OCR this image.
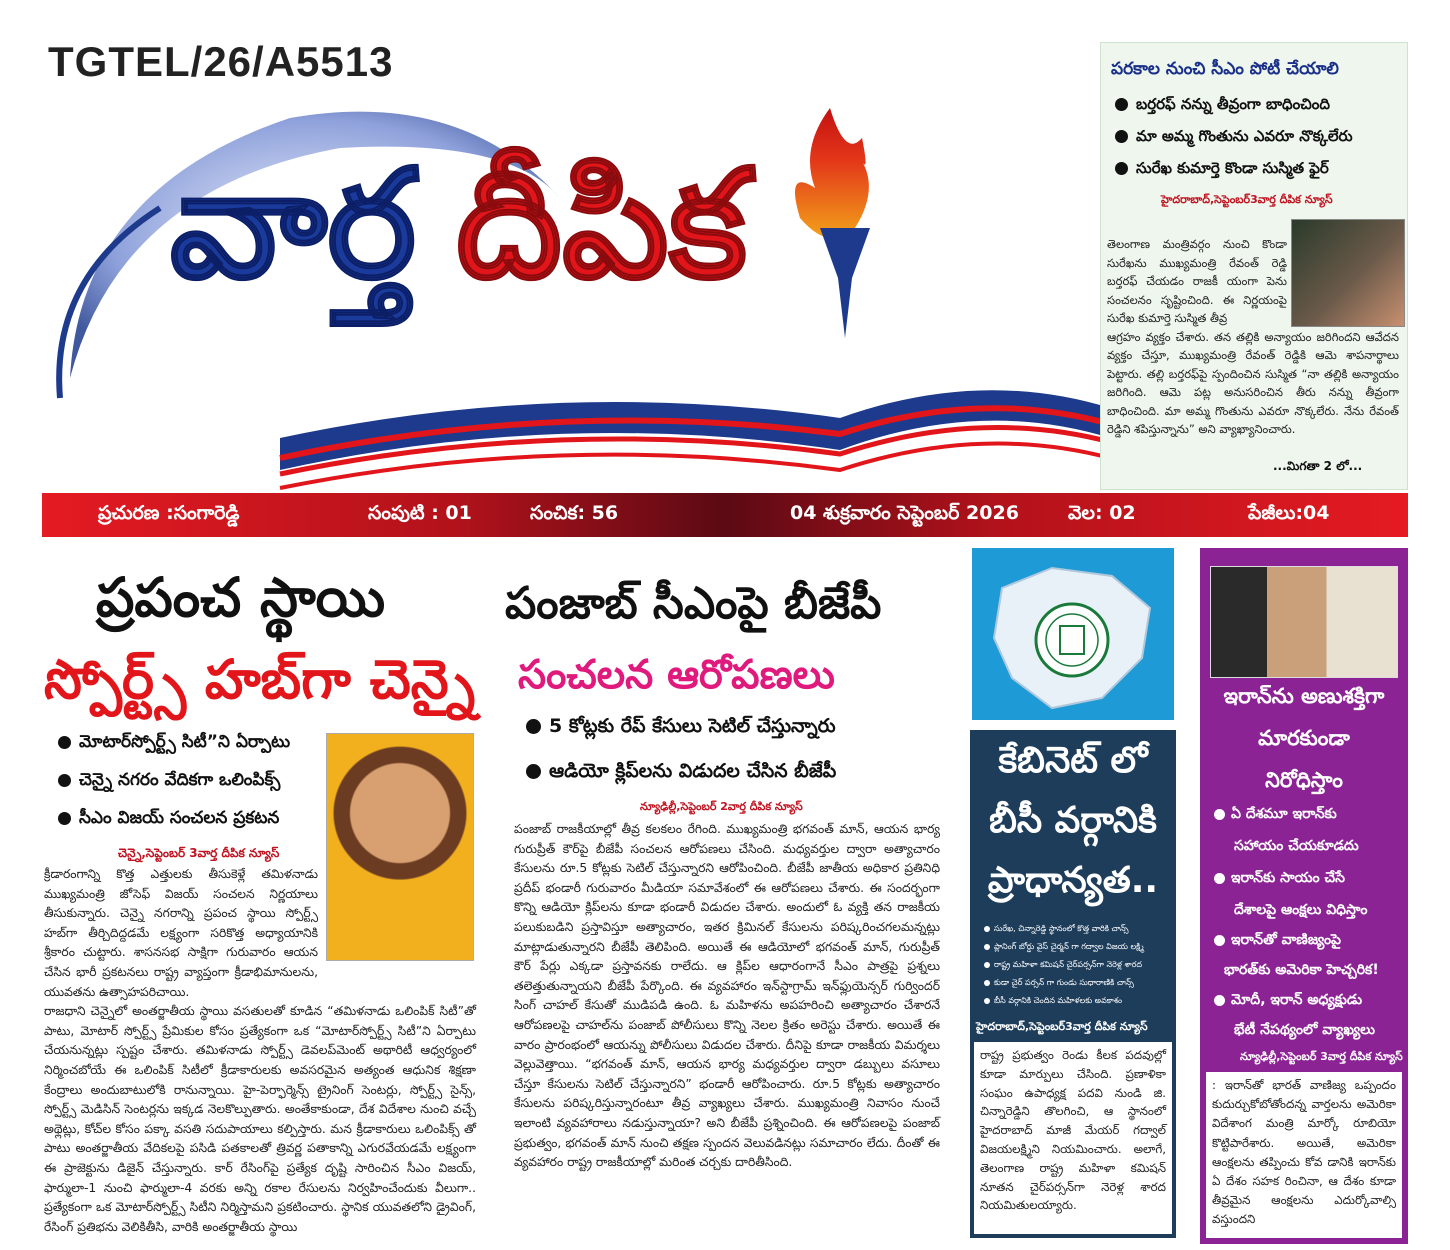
TGTEL/26/A5513
వార్త దీపిక
పరకాల నుంచి సీఎం పోటీ చేయాలి
బర్తరఫ్ నన్ను తీవ్రంగా బాధించింది
మా అమ్మ గొంతును ఎవరూ నొక్కలేరు
సురేఖ కుమార్తె కొండా సుస్మిత ఫైర్
హైదరాబాద్,సెప్టెంబర్3వార్త దీపిక న్యూస్
తెలంగాణ మంత్రివర్గం నుంచి కొండా సురేఖను ముఖ్యమంత్రి రేవంత్ రెడ్డి బర్తరఫ్ చేయడం రాజకీ యంగా పెను సంచలనం సృష్టించింది. ఈ నిర్ణయంపై సురేఖ కుమార్తె సుస్మిత తీవ్ర
ఆగ్రహం వ్యక్తం చేశారు. తన తల్లికి అన్యాయం జరిగిందని ఆవేదన వ్యక్తం చేస్తూ, ముఖ్యమంత్రి రేవంత్ రెడ్డికి ఆమె శాపనార్థాలు పెట్టారు. తల్లి బర్తరఫ్‌పై స్పందించిన సుస్మిత “నా తల్లికి అన్యాయం జరిగింది. ఆమె పట్ల అనుసరించిన తీరు నన్ను తీవ్రంగా బాధించింది. మా అమ్మ గొంతును ఎవరూ నొక్కలేరు. నేను రేవంత్ రెడ్డిని శపిస్తున్నాను” అని వ్యాఖ్యానించారు.
...మిగతా 2 లో...
ప్రచురణ :సంగారెడ్డి	సంపుటి : 01	సంచిక: 56	04 శుక్రవారం సెప్టెంబర్ 2026	వెల: 02	పేజీలు:04
ప్రపంచ స్థాయి
స్పోర్ట్స్ హబ్‌గా చెన్నై
మోటార్‌స్పోర్ట్స్ సిటీ”ని ఏర్పాటు
చెన్నై నగరం వేదికగా ఒలింపిక్స్
సీఎం విజయ్ సంచలన ప్రకటన
చెన్నై,సెప్టెంబర్ 3వార్త దీపిక న్యూస్
క్రీడారంగాన్ని కొత్త ఎత్తులకు తీసుకెళ్లే తమిళనాడు ముఖ్యమంత్రి జోసెఫ్ విజయ్ సంచలన నిర్ణయాలు తీసుకున్నారు. చెన్నై నగరాన్ని ప్రపంచ స్థాయి స్పోర్ట్స్ హబ్‌గా తీర్చిదిద్దడమే లక్ష్యంగా సరికొత్త అధ్యాయానికి శ్రీకారం చుట్టారు. శాసనసభ సాక్షిగా గురువారం ఆయన చేసిన భారీ ప్రకటనలు రాష్ట్ర వ్యాప్తంగా క్రీడాభిమానులను, యువతను ఉత్సాహపరిచాయి.
రాజధాని చెన్నైలో అంతర్జాతీయ స్థాయి వసతులతో కూడిన “తమిళనాడు ఒలింపిక్ సిటీ”తో పాటు, మోటార్ స్పోర్ట్స్ ప్రేమికుల కోసం ప్రత్యేకంగా ఒక “మోటార్‌స్పోర్ట్స్ సిటీ”ని ఏర్పాటు చేయనున్నట్లు స్పష్టం చేశారు. తమిళనాడు స్పోర్ట్స్ డెవలప్‌మెంట్ అథారిటీ ఆధ్వర్యంలో నిర్మించబోయే ఈ ఒలింపిక్ సిటీలో క్రీడాకారులకు అవసరమైన అత్యంత ఆధునిక శిక్షణా కేంద్రాలు అందుబాటులోకి రానున్నాయి. హై-పెర్ఫార్మెన్స్ ట్రైనింగ్ సెంటర్లు, స్పోర్ట్స్ సైన్స్, స్పోర్ట్స్ మెడిసిన్ సెంటర్లను ఇక్కడ నెలకొల్పుతారు. అంతేకాకుండా, దేశ విదేశాల నుంచి వచ్చే అథ్లెట్లు, కోచ్‌ల కోసం పక్కా వసతి సదుపాయాలు కల్పిస్తారు. మన క్రీడాకారులు ఒలింపిక్స్ తో పాటు అంతర్జాతీయ వేదికలపై పసిడి పతకాలతో త్రివర్ణ పతాకాన్ని ఎగురవేయడమే లక్ష్యంగా ఈ ప్రాజెక్టును డిజైన్ చేస్తున్నారు. కార్ రేసింగ్‌పై ప్రత్యేక దృష్టి సారించిన సీఎం విజయ్, ఫార్ములా-1 నుంచి ఫార్ములా-4 వరకు అన్ని రకాల రేసులను నిర్వహించేందుకు వీలుగా.. ప్రత్యేకంగా ఒక మోటార్‌స్పోర్ట్స్ సిటీని నిర్మిస్తామని ప్రకటించారు. స్థానిక యువతలోని డ్రైవింగ్, రేసింగ్ ప్రతిభను వెలికితీసి, వారికి అంతర్జాతీయ స్థాయి
పంజాబ్ సీఎంపై బీజేపీ
సంచలన ఆరోపణలు
5 కోట్లకు రేప్ కేసులు సెటిల్ చేస్తున్నారు
ఆడియో క్లిప్‌లను విడుదల చేసిన బీజేపీ
న్యూఢిల్లీ,సెప్టెంబర్ 2వార్త దీపిక న్యూస్
పంజాబ్ రాజకీయాల్లో తీవ్ర కలకలం రేగింది. ముఖ్యమంత్రి భగవంత్ మాన్, ఆయన భార్య గురుప్రీత్ కౌర్‌పై బీజేపీ సంచలన ఆరోపణలు చేసింది. మధ్యవర్తుల ద్వారా అత్యాచారం కేసులను రూ.5 కోట్లకు సెటిల్ చేస్తున్నారని ఆరోపించింది. బీజేపీ జాతీయ అధికార ప్రతినిధి ప్రదీప్ భండారీ గురువారం మీడియా సమావేశంలో ఈ ఆరోపణలు చేశారు. ఈ సందర్భంగా కొన్ని ఆడియో క్లిప్‌లను కూడా భండారీ విడుదల చేశారు. అందులో ఓ వ్యక్తి తన రాజకీయ పలుకుబడిని ప్రస్తావిస్తూ అత్యాచారం, ఇతర క్రిమినల్ కేసులను పరిష్కరించగలమన్నట్లు మాట్లాడుతున్నారని బీజేపీ తెలిపింది. అయితే ఈ ఆడియోలో భగవంత్ మాన్, గురుప్రీత్ కౌర్ పేర్లు ఎక్కడా ప్రస్తావనకు రాలేదు. ఆ క్లిప్‌ల ఆధారంగానే సీఎం పాత్రపై ప్రశ్నలు తలెత్తుతున్నాయని బీజేపీ పేర్కొంది. ఈ వ్యవహారం ఇన్‌స్టాగ్రామ్ ఇన్‌ఫ్లుయెన్సర్ గుర్విందర్ సింగ్ చాహల్ కేసుతో ముడిపడి ఉంది. ఓ మహిళను అపహరించి అత్యాచారం చేశారనే ఆరోపణలపై చాహల్‌ను పంజాబ్ పోలీసులు కొన్ని నెలల క్రితం అరెస్టు చేశారు. అయితే ఈ వారం ప్రారంభంలో ఆయన్ను పోలీసులు విడుదల చేశారు. దీనిపై కూడా రాజకీయ విమర్శలు వెల్లువెత్తాయి. “భగవంత్ మాన్, ఆయన భార్య మధ్యవర్తుల ద్వారా డబ్బులు వసూలు చేస్తూ కేసులను సెటిల్ చేస్తున్నారని” భండారీ ఆరోపించారు. రూ.5 కోట్లకు అత్యాచారం కేసులను పరిష్కరిస్తున్నారంటూ తీవ్ర వ్యాఖ్యలు చేశారు. ముఖ్యమంత్రి నివాసం నుంచే ఇలాంటి వ్యవహారాలు నడుస్తున్నాయా? అని బీజేపీ ప్రశ్నించింది. ఈ ఆరోపణలపై పంజాబ్ ప్రభుత్వం, భగవంత్ మాన్ నుంచి తక్షణ స్పందన వెలువడినట్లు సమాచారం లేదు. దీంతో ఈ వ్యవహారం రాష్ట్ర రాజకీయాల్లో మరింత చర్చకు దారితీసింది.
కేబినెట్ లో
బీసీ వర్గానికి
ప్రాధాన్యత..
సురేఖ, చిన్నారెడ్డి స్థానంలో కొత్త వారికి చాన్స్
ప్లానింగ్ బోర్డు వైస్ చైర్మన్ గా గద్వాల విజయ లక్ష్మి
రాష్ట్ర మహిళా కమిషన్ చైర్‌పర్సన్‌గా నెరెళ్ల శారద
కుడా చైర్ పర్సన్ గా గుండు సుధారాణికి చాన్స్
బీసీ వర్గానికి చెందిన మహిళలకు అవకాశం
హైదరాబాద్,సెప్టెంబర్3వార్త దీపిక న్యూస్
రాష్ట్ర ప్రభుత్వం రెండు కీలక పదవుల్లో కూడా మార్పులు చేసింది. ప్రణాళికా సంఘం ఉపాధ్యక్ష పదవి నుండి జి. చిన్నారెడ్డిని తొలగించి, ఆ స్థానంలో హైదరాబాద్ మాజీ మేయర్ గద్వాల్ విజయలక్ష్మిని నియమించారు. అలాగే, తెలంగాణ రాష్ట్ర మహిళా కమిషన్ నూతన చైర్‌పర్సన్‌గా నెరెళ్ల శారద నియమితులయ్యారు.
ఇరాన్‌ను అణుశక్తిగా
మారకుండా
నిరోధిస్తాం
ఏ దేశమూ ఇరాన్‌కు
సహాయం చేయకూడదు
ఇరాన్‌కు సాయం చేసే
దేశాలపై ఆంక్షలు విధిస్తాం
ఇరాన్‌తో వాణిజ్యంపై
భారత్‌కు అమెరికా హెచ్చరిక!
మోదీ, ఇరాన్ అధ్యక్షుడు
భేటీ నేపథ్యంలో వ్యాఖ్యలు
న్యూఢిల్లీ,సెప్టెంబర్ 3వార్త దీపిక న్యూస్
: ఇరాన్‌తో భారత్ వాణిజ్య ఒప్పందం కుదుర్చుకోబోతోందన్న వార్తలను అమెరికా విదేశాంగ మంత్రి మార్కో రూబియో కొట్టిపారేశారు. అయితే, అమెరికా ఆంక్షలను తప్పించు కోవ డానికి ఇరాన్‌కు ఏ దేశం సహక రించినా, ఆ దేశం కూడా తీవ్రమైన ఆంక్షలను ఎదుర్కోవాల్సి వస్తుందని
